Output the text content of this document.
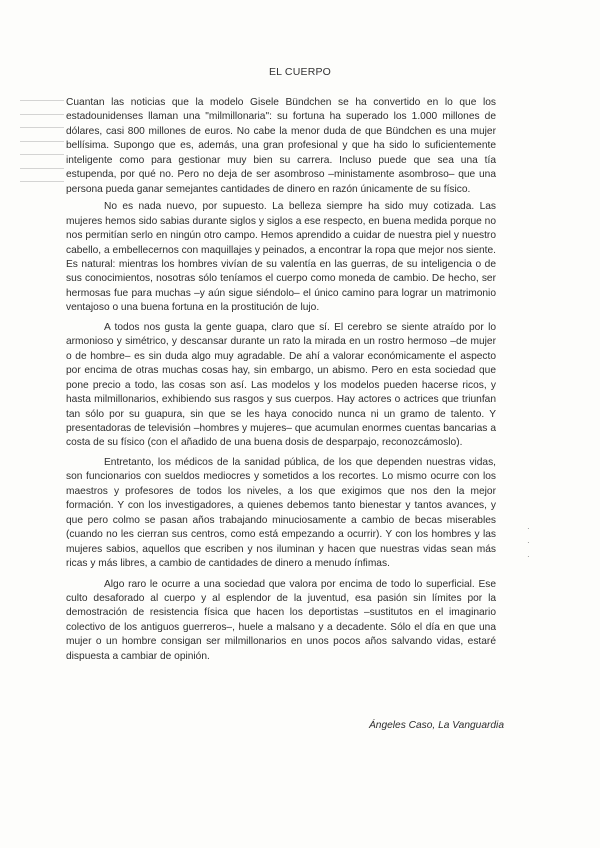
EL CUERPO

Cuantan las noticias que la modelo Gisele Bündchen se ha convertido en lo que los estadounidenses llaman una "milmillonaria": su fortuna ha superado los 1.000 millones de dólares, casi 800 millones de euros. No cabe la menor duda de que Bündchen es una mujer bellísima. Supongo que es, además, una gran profesional y que ha sido lo suficientemente inteligente como para gestionar muy bien su carrera. Incluso puede que sea una tía estupenda, por qué no. Pero no deja de ser asombroso –ministamente asombroso– que una persona pueda ganar semejantes cantidades de dinero en razón únicamente de su físico.

No es nada nuevo, por supuesto. La belleza siempre ha sido muy cotizada. Las mujeres hemos sido sabias durante siglos y siglos a ese respecto, en buena medida porque no nos permitían serlo en ningún otro campo. Hemos aprendido a cuidar de nuestra piel y nuestro cabello, a embellecernos con maquillajes y peinados, a encontrar la ropa que mejor nos siente. Es natural: mientras los hombres vivían de su valentía en las guerras, de su inteligencia o de sus conocimientos, nosotras sólo teníamos el cuerpo como moneda de cambio. De hecho, ser hermosas fue para muchas –y aún sigue siéndolo– el único camino para lograr un matrimonio ventajoso o una buena fortuna en la prostitución de lujo.

A todos nos gusta la gente guapa, claro que sí. El cerebro se siente atraído por lo armonioso y simétrico, y descansar durante un rato la mirada en un rostro hermoso –de mujer o de hombre– es sin duda algo muy agradable. De ahí a valorar económicamente el aspecto por encima de otras muchas cosas hay, sin embargo, un abismo. Pero en esta sociedad que pone precio a todo, las cosas son así. Las modelos y los modelos pueden hacerse ricos, y hasta milmillonarios, exhibiendo sus rasgos y sus cuerpos. Hay actores o actrices que triunfan tan sólo por su guapura, sin que se les haya conocido nunca ni un gramo de talento. Y presentadoras de televisión –hombres y mujeres– que acumulan enormes cuentas bancarias a costa de su físico (con el añadido de una buena dosis de desparpajo, reconozcámoslo).

Entretanto, los médicos de la sanidad pública, de los que dependen nuestras vidas, son funcionarios con sueldos mediocres y sometidos a los recortes. Lo mismo ocurre con los maestros y profesores de todos los niveles, a los que exigimos que nos den la mejor formación. Y con los investigadores, a quienes debemos tanto bienestar y tantos avances, y que pero colmo se pasan años trabajando minuciosamente a cambio de becas miserables (cuando no les cierran sus centros, como está empezando a ocurrir). Y con los hombres y las mujeres sabios, aquellos que escriben y nos iluminan y hacen que nuestras vidas sean más ricas y más libres, a cambio de cantidades de dinero a menudo ínfimas.

Algo raro le ocurre a una sociedad que valora por encima de todo lo superficial. Ese culto desaforado al cuerpo y al esplendor de la juventud, esa pasión sin límites por la demostración de resistencia física que hacen los deportistas –sustitutos en el imaginario colectivo de los antiguos guerreros–, huele a malsano y a decadente. Sólo el día en que una mujer o un hombre consigan ser milmillonarios en unos pocos años salvando vidas, estaré dispuesta a cambiar de opinión.

·
·
·
Ángeles Caso, La Vanguardia
